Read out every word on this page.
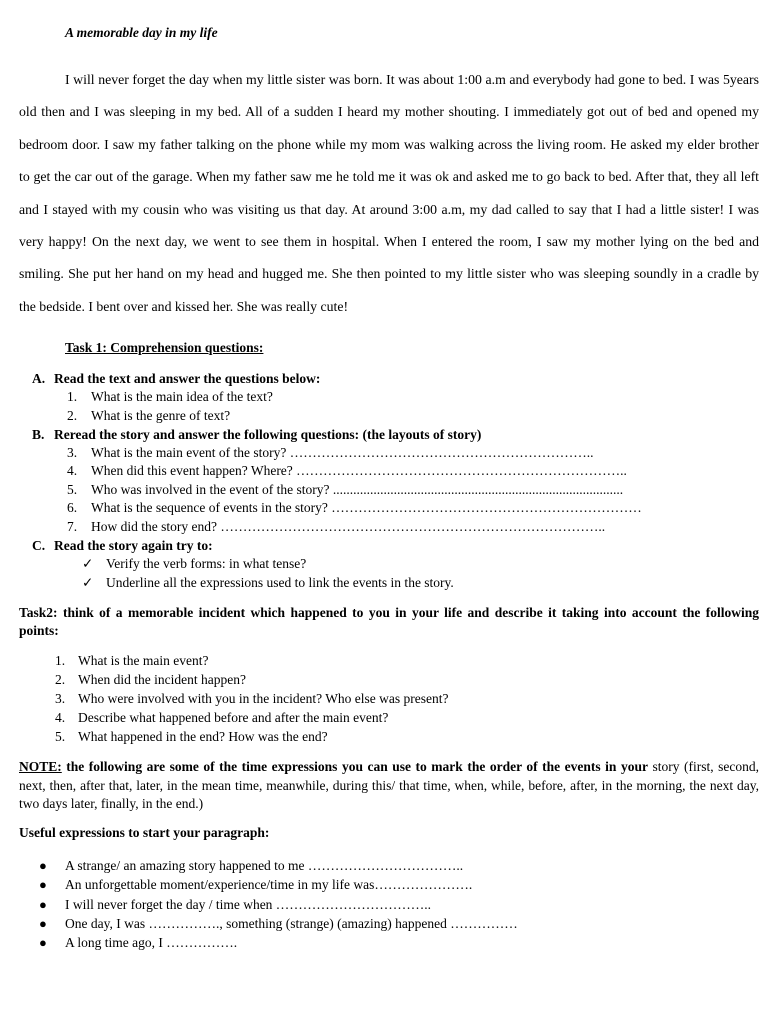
A memorable day in my life

I will never forget the day when my little sister was born. It was about 1:00 a.m and everybody had gone to bed. I was 5years old then and I was sleeping in my bed. All of a sudden I heard my mother shouting. I immediately got out of bed and opened my bedroom door. I saw my father talking on the phone while my mom was walking across the living room. He asked my elder brother to get the car out of the garage. When my father saw me he told me it was ok and asked me to go back to bed. After that, they all left and I stayed with my cousin who was visiting us that day. At around 3:00 a.m, my dad called to say that I had a little sister! I was very happy! On the next day, we went to see them in hospital. When I entered the room, I saw my mother lying on the bed and smiling. She put her hand on my head and hugged me. She then pointed to my little sister who was sleeping soundly in a cradle by the bedside. I bent over and kissed her. She was really cute!

Task 1: Comprehension questions:
A. Read the text and answer the questions below:
1. What is the main idea of the text?
2. What is the genre of text?
B. Reread the story and answer the following questions: (the layouts of story)
3. What is the main event of the story? …………………………………………………………..
4. When did this event happen? Where? ………………………………………………………………..
5. Who was involved in the event of the story? ......................................................................................
6. What is the sequence of events in the story? ……………………………………………………………
7. How did the story end? …………………………………………………………………………..
C. Read the story again try to:
✓ Verify the verb forms: in what tense?
✓ Underline all the expressions used to link the events in the story.

Task2: think of a memorable incident which happened to you in your life and describe it taking into account the following points:

1. What is the main event?
2. When did the incident happen?
3. Who were involved with you in the incident? Who else was present?
4. Describe what happened before and after the main event?
5. What happened in the end? How was the end?

NOTE: the following are some of the time expressions you can use to mark the order of the events in your story (first, second, next, then, after that, later, in the mean time, meanwhile, during this/ that time, when, while, before, after, in the morning, the next day, two days later, finally, in the end.)

Useful expressions to start your paragraph:
● A strange/ an amazing story happened to me ……………………………..
● An unforgettable moment/experience/time in my life was………………….
● I will never forget the day / time when ……………………………..
● One day, I was ……………., something (strange) (amazing) happened ……………
● A long time ago, I …………….
